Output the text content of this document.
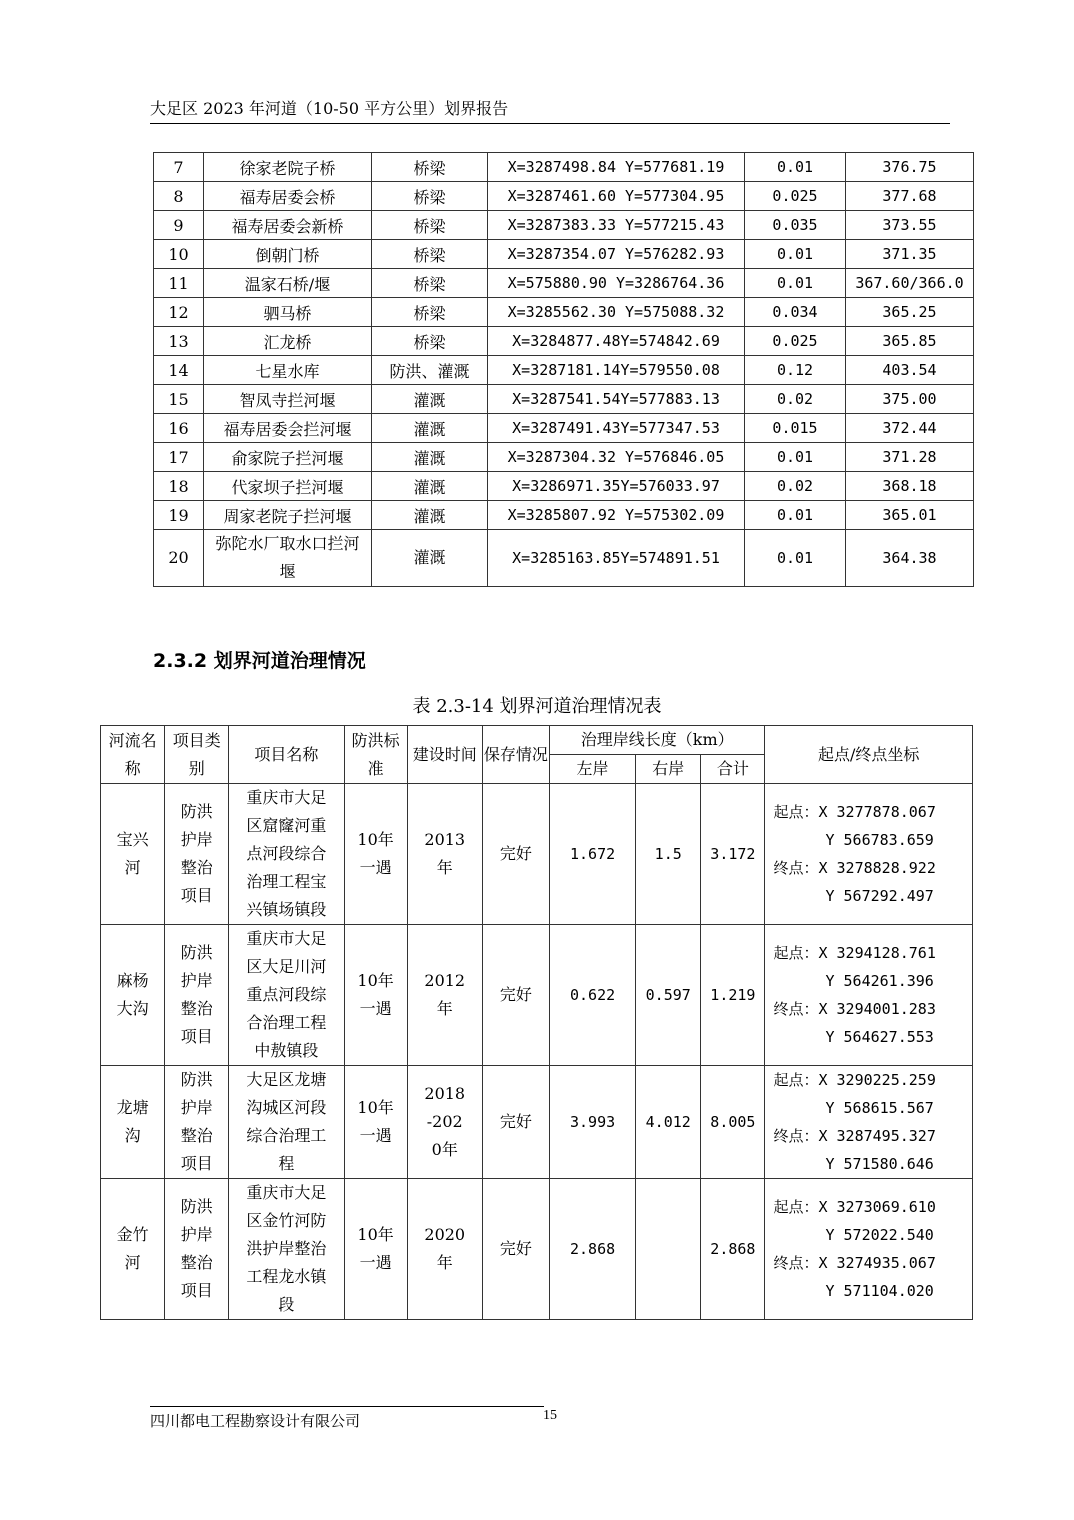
大足区 2023 年河道（10-50 平方公里）划界报告
7	徐家老院子桥	桥梁	X=3287498.84 Y=577681.19	0.01	376.75
8	福寿居委会桥	桥梁	X=3287461.60 Y=577304.95	0.025	377.68
9	福寿居委会新桥	桥梁	X=3287383.33 Y=577215.43	0.035	373.55
10	倒朝门桥	桥梁	X=3287354.07 Y=576282.93	0.01	371.35
11	温家石桥/堰	桥梁	X=575880.90 Y=3286764.36	0.01	367.60/366.0
12	驷马桥	桥梁	X=3285562.30 Y=575088.32	0.034	365.25
13	汇龙桥	桥梁	X=3284877.48Y=574842.69	0.025	365.85
14	七星水库	防洪、灌溉	X=3287181.14Y=579550.08	0.12	403.54
15	智凤寺拦河堰	灌溉	X=3287541.54Y=577883.13	0.02	375.00
16	福寿居委会拦河堰	灌溉	X=3287491.43Y=577347.53	0.015	372.44
17	俞家院子拦河堰	灌溉	X=3287304.32 Y=576846.05	0.01	371.28
18	代家坝子拦河堰	灌溉	X=3286971.35Y=576033.97	0.02	368.18
19	周家老院子拦河堰	灌溉	X=3285807.92 Y=575302.09	0.01	365.01
20	弥陀水厂取水口拦河堰	灌溉	X=3285163.85Y=574891.51	0.01	364.38
2.3.2 划界河道治理情况
表 2.3-14 划界河道治理情况表
河流名称	项目类别	项目名称	防洪标准	建设时间	保存情况	治理岸线长度（km）			起点/终点坐标
						左岸	右岸	合计	
宝兴河	防洪护岸整治项目	重庆市大足区窟窿河重点河段综合治理工程宝兴镇场镇段	10年一遇	2013年	完好	1.672	1.5	3.172	起点：X 3277878.067
Y 566783.659
终点：X 3278828.922
Y 567292.497

麻杨大沟	防洪护岸整治项目	重庆市大足区大足川河重点河段综合治理工程中敖镇段	10年一遇	2012年	完好	0.622	0.597	1.219	起点：X 3294128.761
Y 564261.396
终点：X 3294001.283
Y 564627.553

龙塘沟	防洪护岸整治项目	大足区龙塘沟城区河段综合治理工程	10年一遇	2018-2020年	完好	3.993	4.012	8.005	起点：X 3290225.259
Y 568615.567
终点：X 3287495.327
Y 571580.646

金竹河	防洪护岸整治项目	重庆市大足区金竹河防洪护岸整治工程龙水镇段	10年一遇	2020年	完好	2.868		2.868	起点：X 3273069.610
Y 572022.540
终点：X 3274935.067
Y 571104.020
四川都电工程勘察设计有限公司	15
